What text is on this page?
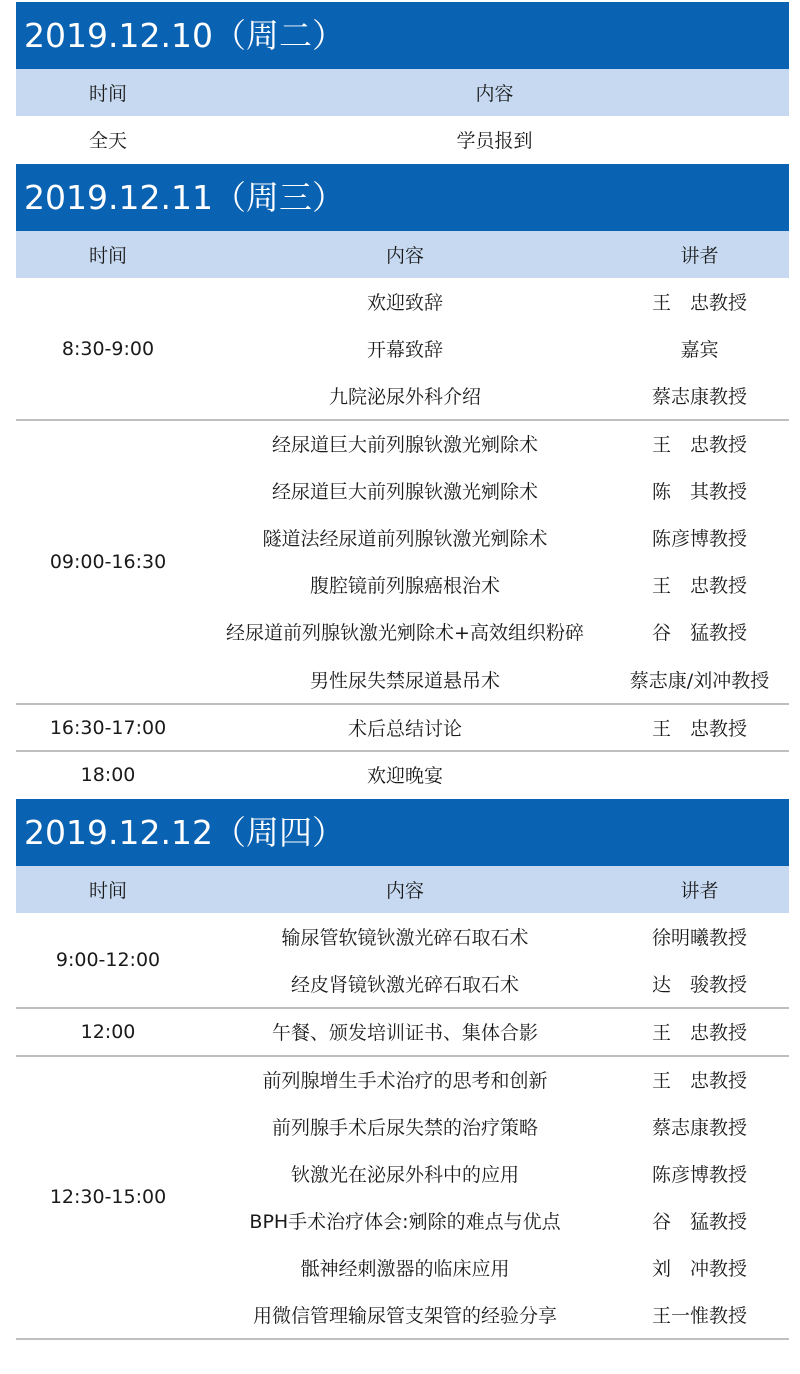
2019.12.10（周二）
时间	内容
全天	学员报到
2019.12.11（周三）
时间	内容	讲者
8:30-9:00
欢迎致辞	王　忠教授
开幕致辞	嘉宾
九院泌尿外科介绍	蔡志康教授
09:00-16:30
经尿道巨大前列腺钬激光剜除术	王　忠教授
经尿道巨大前列腺钬激光剜除术	陈　其教授
隧道法经尿道前列腺钬激光剜除术	陈彦博教授
腹腔镜前列腺癌根治术	王　忠教授
经尿道前列腺钬激光剜除术+高效组织粉碎	谷　猛教授
男性尿失禁尿道悬吊术	蔡志康/刘冲教授
16:30-17:00	术后总结讨论	王　忠教授
18:00	欢迎晚宴
2019.12.12（周四）
时间	内容	讲者
9:00-12:00
输尿管软镜钬激光碎石取石术	徐明曦教授
经皮肾镜钬激光碎石取石术	达　骏教授
12:00	午餐、颁发培训证书、集体合影	王　忠教授
12:30-15:00
前列腺增生手术治疗的思考和创新	王　忠教授
前列腺手术后尿失禁的治疗策略	蔡志康教授
钬激光在泌尿外科中的应用	陈彦博教授
BPH手术治疗体会:剜除的难点与优点	谷　猛教授
骶神经刺激器的临床应用	刘　冲教授
用微信管理输尿管支架管的经验分享	王一惟教授
